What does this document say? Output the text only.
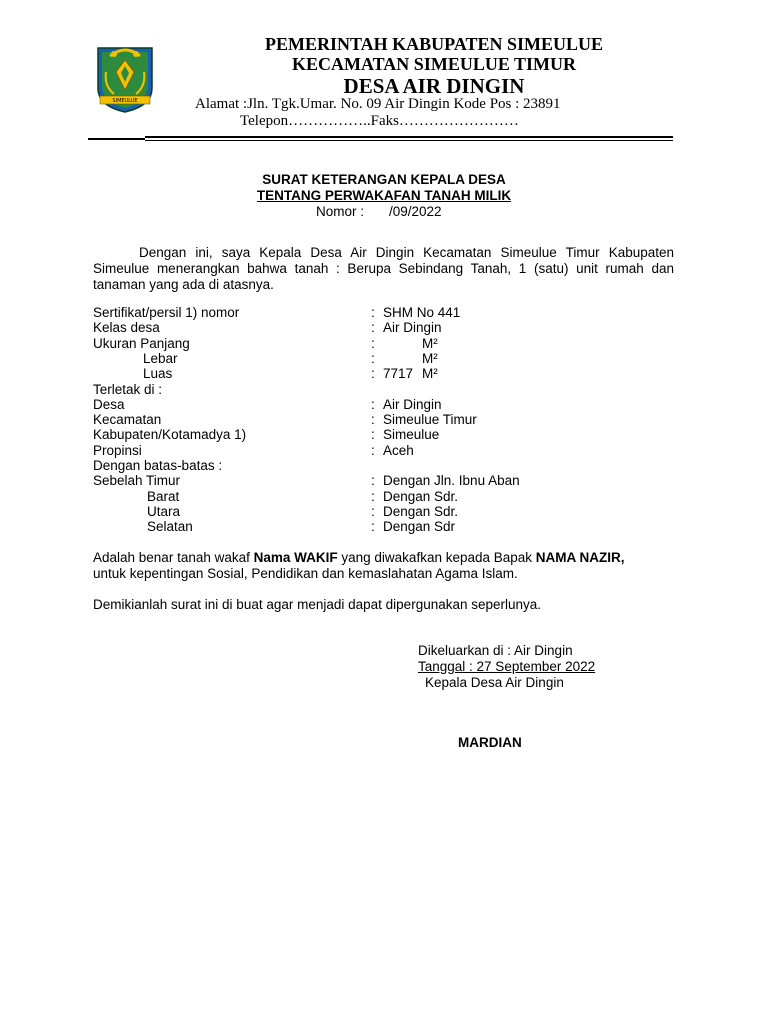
SIMEULUE
PEMERINTAH KABUPATEN SIMEULUE
KECAMATAN SIMEULUE TIMUR
DESA AIR DINGIN
Alamat :Jln. Tgk.Umar. No. 09 Air Dingin Kode Pos : 23891
Telepon……………..Faks……………………
SURAT KETERANGAN KEPALA DESA
TENTANG PERWAKAFAN TANAH MILIK
Nomor : /09/2022
Dengan ini, saya Kepala Desa Air Dingin Kecamatan Simeulue Timur Kabupaten Simeulue menerangkan bahwa tanah : Berupa Sebindang Tanah, 1 (satu) unit rumah dan tanaman yang ada di atasnya.
Sertifikat/persil 1) nomor	: SHM No 441
Kelas desa	: Air Dingin
Ukuran Panjang	:	M²
Lebar	:	M²
Luas	: 7717 M²
Terletak di :
Desa	: Air Dingin
Kecamatan	: Simeulue Timur
Kabupaten/Kotamadya 1)	: Simeulue
Propinsi	: Aceh
Dengan batas-batas :
Sebelah Timur	: Dengan Jln. Ibnu Aban
Barat	: Dengan Sdr.
Utara	: Dengan Sdr.
Selatan	: Dengan Sdr
Adalah benar tanah wakaf Nama WAKIF yang diwakafkan kepada Bapak NAMA NAZIR,
untuk kepentingan Sosial, Pendidikan dan kemaslahatan Agama Islam.
Demikianlah surat ini di buat agar menjadi dapat dipergunakan seperlunya.
Dikeluarkan di : Air Dingin
Tanggal : 27 September 2022
Kepala Desa Air Dingin
MARDIAN
